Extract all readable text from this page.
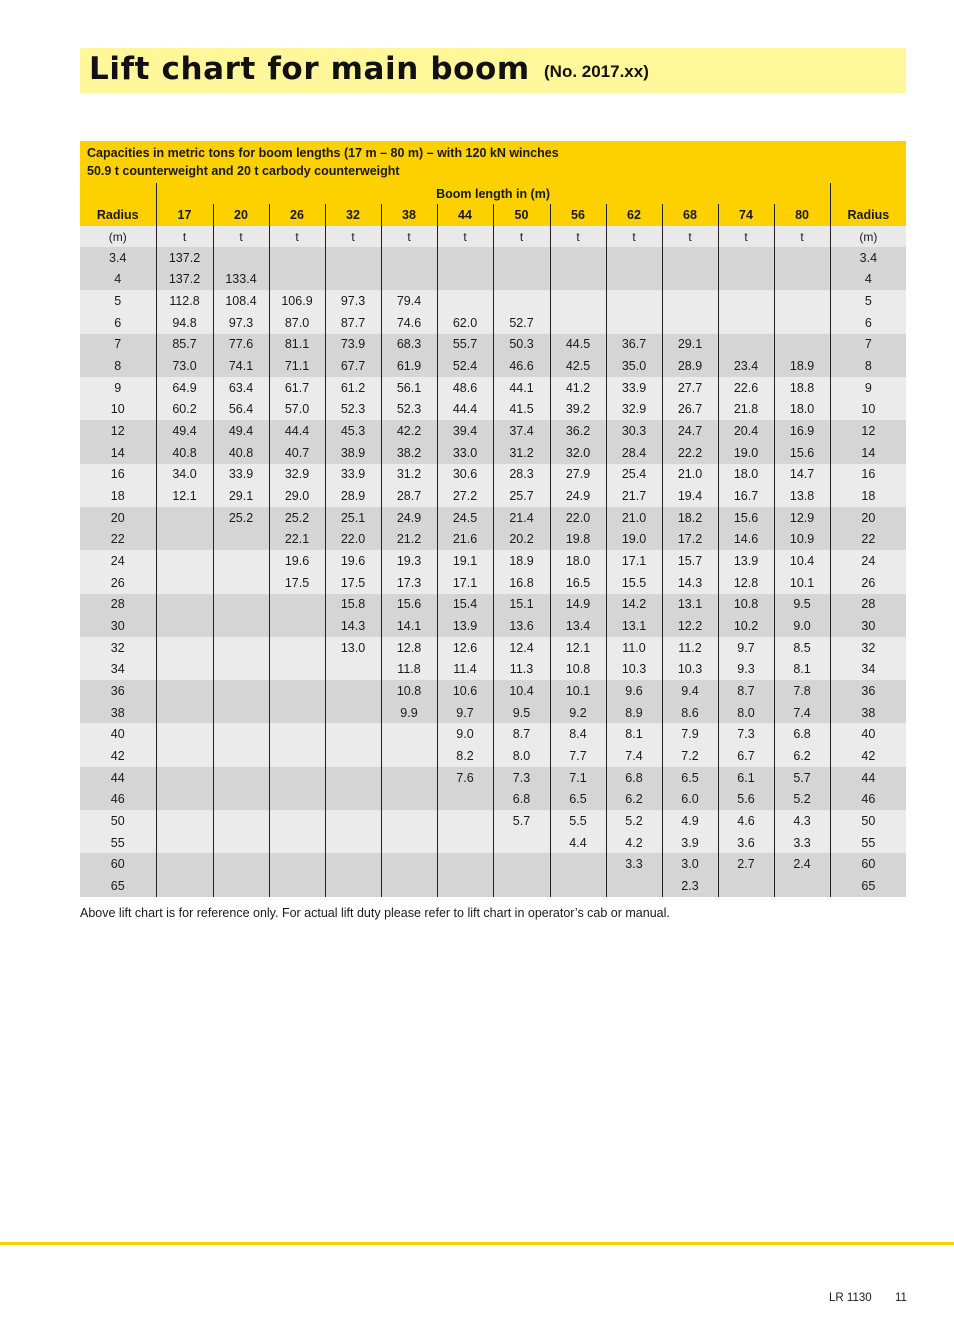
Lift chart for main boom (No. 2017.xx)
Capacities in metric tons for boom lengths (17 m – 80 m) – with 120 kN winches
50.9 t counterweight and 20 t carbody counterweight
	Boom length in (m)												
Radius	17	20	26	32	38	44	50	56	62	68	74	80	Radius
(m)	t	t	t	t	t	t	t	t	t	t	t	t	(m)
3.4	137.2												3.4
4	137.2	133.4											4
5	112.8	108.4	106.9	97.3	79.4								5
6	94.8	97.3	87.0	87.7	74.6	62.0	52.7						6
7	85.7	77.6	81.1	73.9	68.3	55.7	50.3	44.5	36.7	29.1			7
8	73.0	74.1	71.1	67.7	61.9	52.4	46.6	42.5	35.0	28.9	23.4	18.9	8
9	64.9	63.4	61.7	61.2	56.1	48.6	44.1	41.2	33.9	27.7	22.6	18.8	9
10	60.2	56.4	57.0	52.3	52.3	44.4	41.5	39.2	32.9	26.7	21.8	18.0	10
12	49.4	49.4	44.4	45.3	42.2	39.4	37.4	36.2	30.3	24.7	20.4	16.9	12
14	40.8	40.8	40.7	38.9	38.2	33.0	31.2	32.0	28.4	22.2	19.0	15.6	14
16	34.0	33.9	32.9	33.9	31.2	30.6	28.3	27.9	25.4	21.0	18.0	14.7	16
18	12.1	29.1	29.0	28.9	28.7	27.2	25.7	24.9	21.7	19.4	16.7	13.8	18
20		25.2	25.2	25.1	24.9	24.5	21.4	22.0	21.0	18.2	15.6	12.9	20
22			22.1	22.0	21.2	21.6	20.2	19.8	19.0	17.2	14.6	10.9	22
24			19.6	19.6	19.3	19.1	18.9	18.0	17.1	15.7	13.9	10.4	24
26			17.5	17.5	17.3	17.1	16.8	16.5	15.5	14.3	12.8	10.1	26
28				15.8	15.6	15.4	15.1	14.9	14.2	13.1	10.8	9.5	28
30				14.3	14.1	13.9	13.6	13.4	13.1	12.2	10.2	9.0	30
32				13.0	12.8	12.6	12.4	12.1	11.0	11.2	9.7	8.5	32
34					11.8	11.4	11.3	10.8	10.3	10.3	9.3	8.1	34
36					10.8	10.6	10.4	10.1	9.6	9.4	8.7	7.8	36
38					9.9	9.7	9.5	9.2	8.9	8.6	8.0	7.4	38
40						9.0	8.7	8.4	8.1	7.9	7.3	6.8	40
42						8.2	8.0	7.7	7.4	7.2	6.7	6.2	42
44						7.6	7.3	7.1	6.8	6.5	6.1	5.7	44
46							6.8	6.5	6.2	6.0	5.6	5.2	46
50							5.7	5.5	5.2	4.9	4.6	4.3	50
55								4.4	4.2	3.9	3.6	3.3	55
60									3.3	3.0	2.7	2.4	60
65										2.3			65
Above lift chart is for reference only. For actual lift duty please refer to lift chart in operator’s cab or manual.
LR 1130 11
